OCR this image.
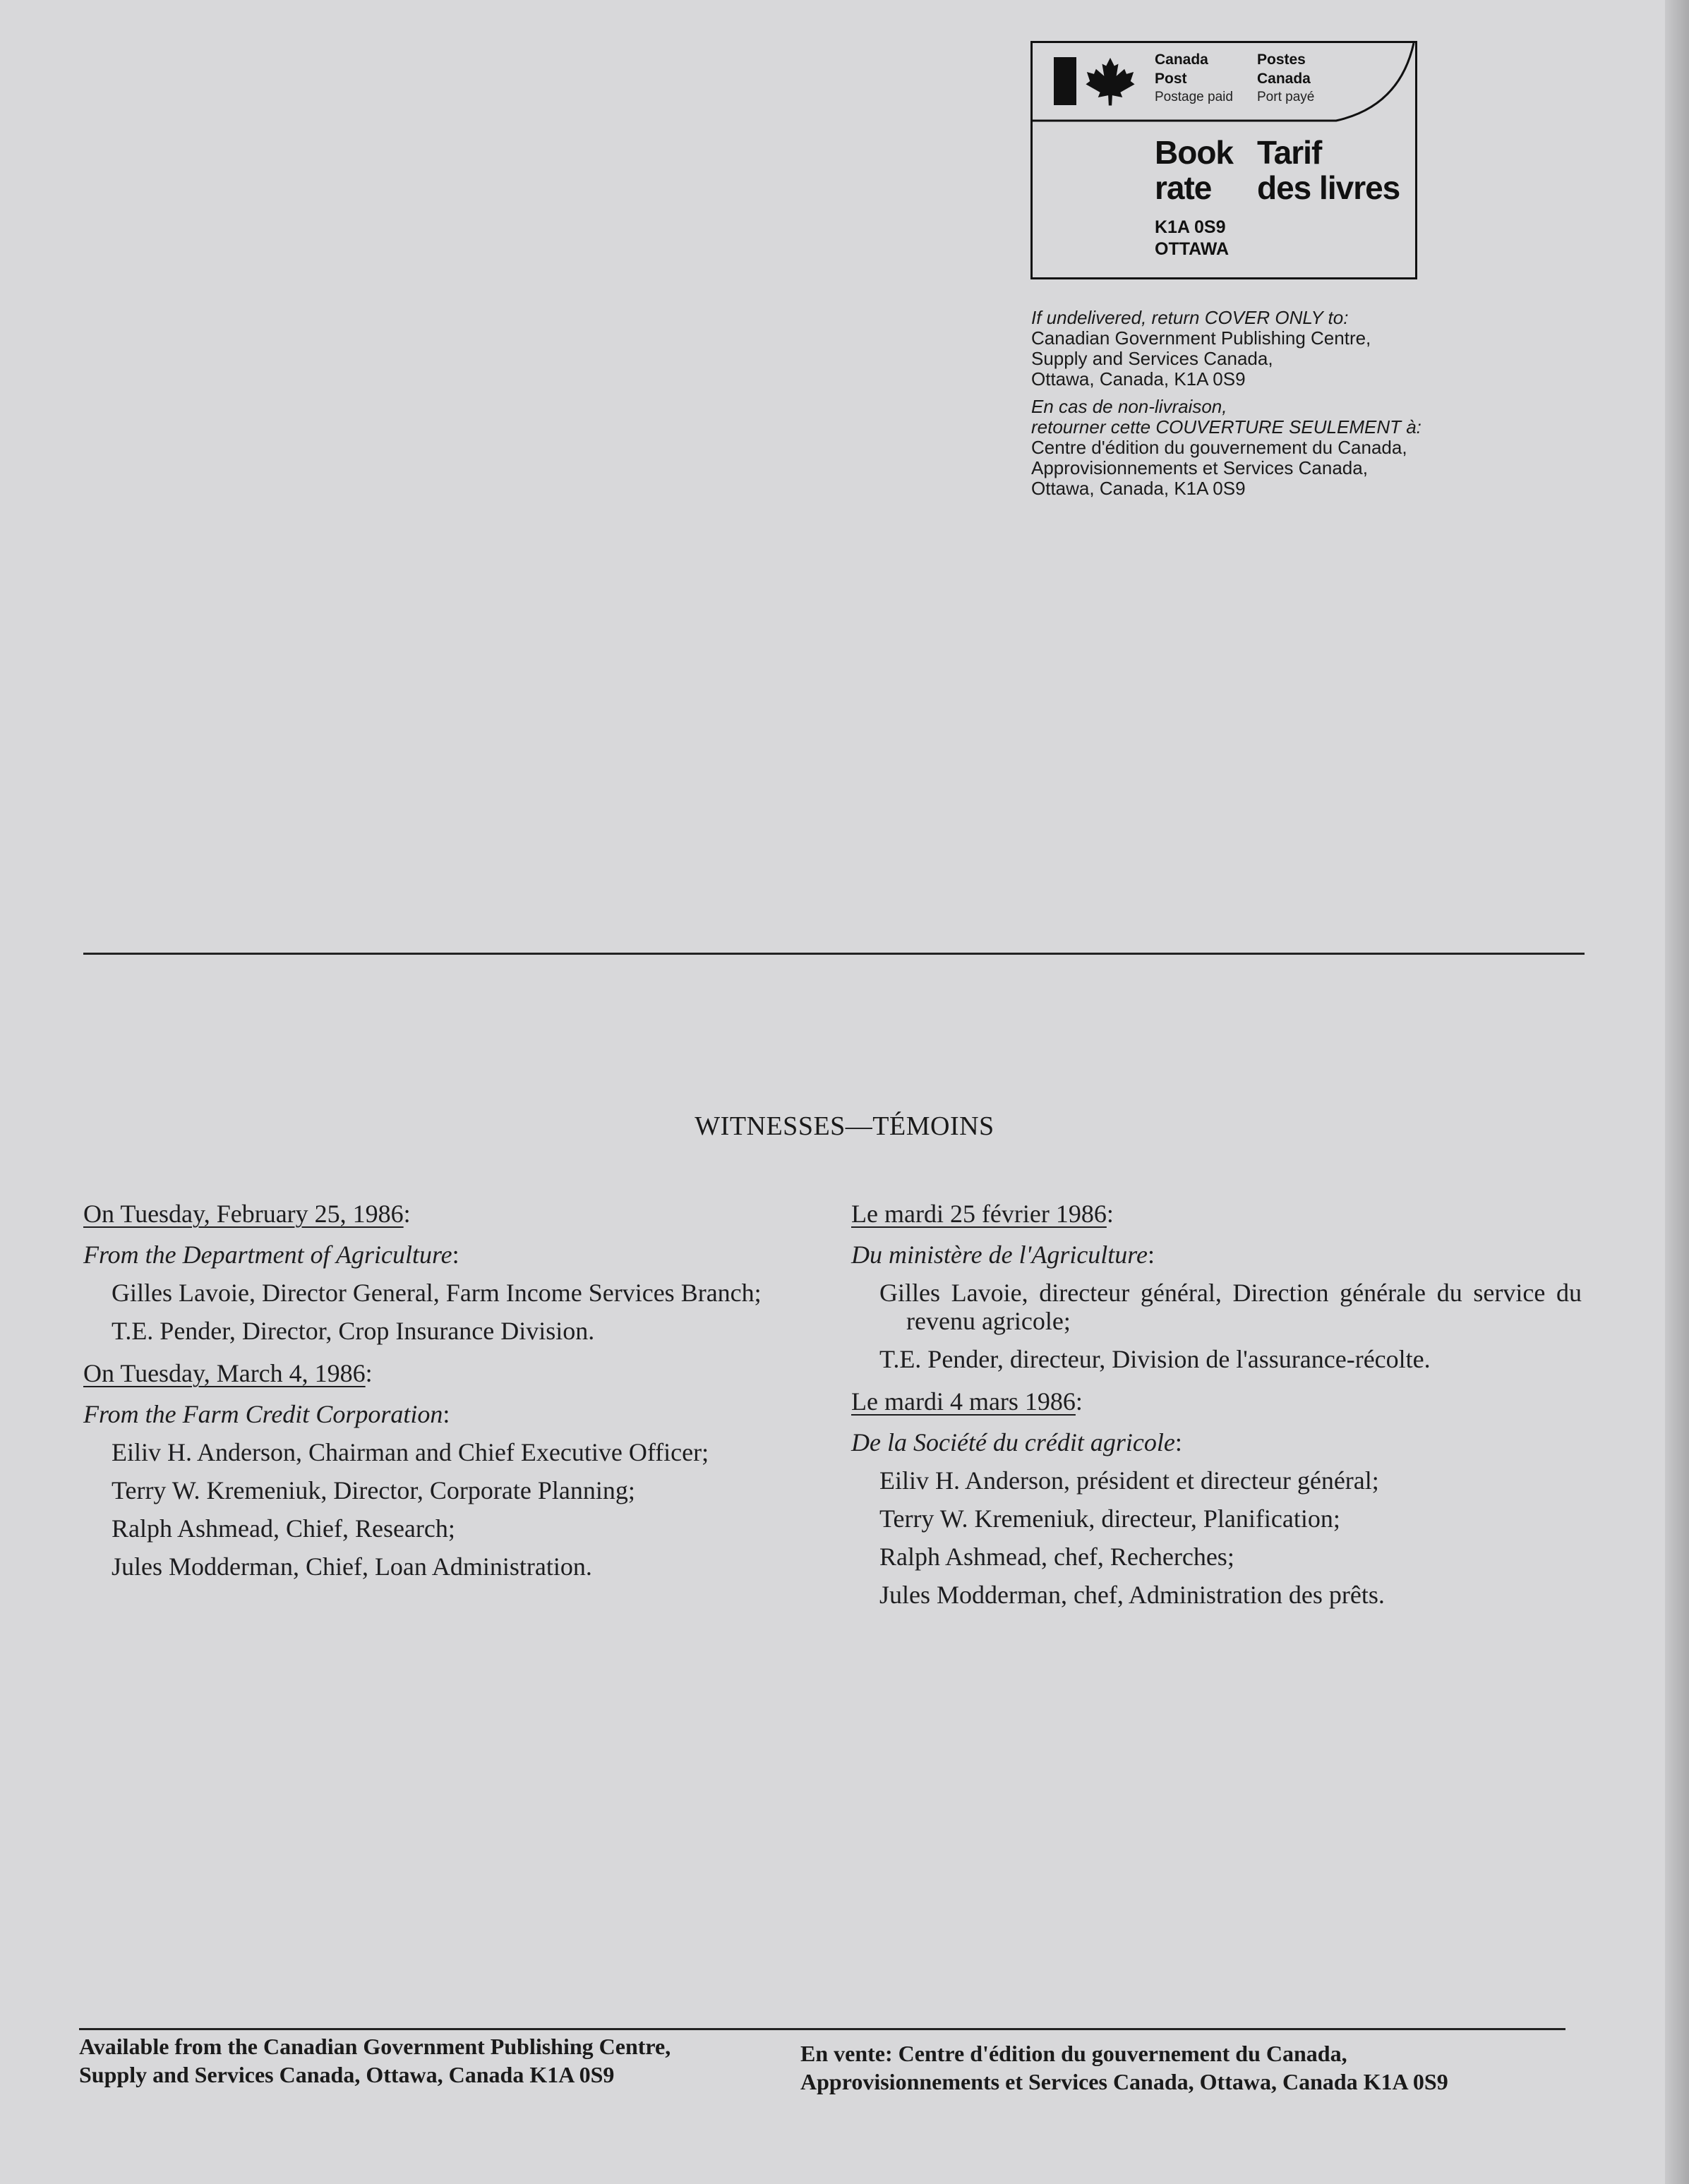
Canada
Post
Postage paid
Postes
Canada
Port payé
Book
rate
Tarif
des livres
K1A 0S9
OTTAWA

If undelivered, return COVER ONLY to:

Canadian Government Publishing Centre,

Supply and Services Canada,

Ottawa, Canada, K1A 0S9

En cas de non-livraison,

retourner cette COUVERTURE SEULEMENT à:

Centre d'édition du gouvernement du Canada,

Approvisionnements et Services Canada,

Ottawa, Canada, K1A 0S9

WITNESSES—TÉMOINS
On Tuesday, February 25, 1986:
From the Department of Agriculture:
Gilles Lavoie, Director General, Farm Income Services Branch;
T.E. Pender, Director, Crop Insurance Division.
On Tuesday, March 4, 1986:
From the Farm Credit Corporation:
Eiliv H. Anderson, Chairman and Chief Executive Officer;
Terry W. Kremeniuk, Director, Corporate Planning;
Ralph Ashmead, Chief, Research;
Jules Modderman, Chief, Loan Administration.
Le mardi 25 février 1986:
Du ministère de l'Agriculture:
Gilles Lavoie, directeur général, Direction générale du service du revenu agricole;
T.E. Pender, directeur, Division de l'assurance-récolte.
Le mardi 4 mars 1986:
De la Société du crédit agricole:
Eiliv H. Anderson, président et directeur général;
Terry W. Kremeniuk, directeur, Planification;
Ralph Ashmead, chef, Recherches;
Jules Modderman, chef, Administration des prêts.
Available from the Canadian Government Publishing Centre,
Supply and Services Canada, Ottawa, Canada K1A 0S9
En vente: Centre d'édition du gouvernement du Canada,
Approvisionnements et Services Canada, Ottawa, Canada K1A 0S9
